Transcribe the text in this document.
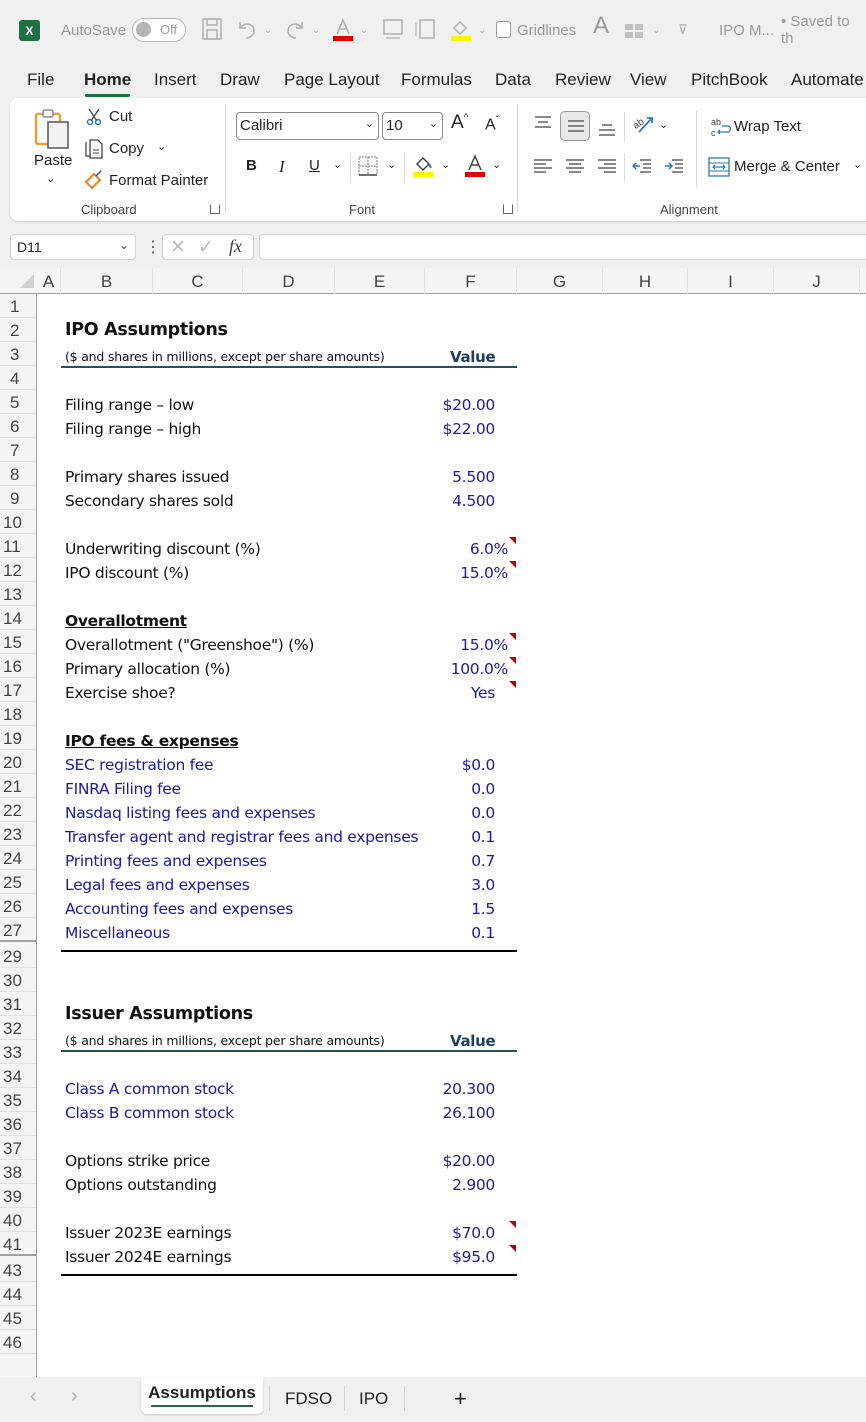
X	AutoSave	Off	⌄	⌄	⌄	⌄ Gridlines A	⌄ ⊽ IPO M... • Saved to th
File Home Insert Draw Page Layout Formulas Data Review View PitchBook Automate
Paste
⌄
Cut
Copy ⌄
Format Painter
Clipboard
Calibri	⌄ 10 ⌄ A^ $A^ˇ$
B I U ⌄	⌄	⌄	⌄
Font
ab ⌄	ab
c Wrap Text
Merge & Center ⌄
Alignment
D11	⌄ ⋮ ✕ ✓ fx
A	B	C	D	E	F	G	H	I	J
1
2
3
4
5
6
7
8
9
10
11
12
13
14
15
16
17
18
19
20
21
22
23
24
25
26
27
29
30
31
32
33
34
35
36
37
38
39
40
41
43
44
45
46
IPO Assumptions
($ and shares in millions, except per share amounts)	Value
Filing range – low	$20.00
Filing range – high	$22.00
Primary shares issued	5.500
Secondary shares sold	4.500
Underwriting discount (%)	6.0%
IPO discount (%)	15.0%
Overallotment
Overallotment ("Greenshoe") (%)	15.0%
Primary allocation (%)	100.0%
Exercise shoe?	Yes
IPO fees & expenses
SEC registration fee	$0.0
FINRA Filing fee	0.0
Nasdaq listing fees and expenses	0.0
Transfer agent and registrar fees and expenses	0.1
Printing fees and expenses	0.7
Legal fees and expenses	3.0
Accounting fees and expenses	1.5
Miscellaneous	0.1
Issuer Assumptions
($ and shares in millions, except per share amounts)	Value
Class A common stock	20.300
Class B common stock	26.100
Options strike price	$20.00
Options outstanding	2.900
Issuer 2023E earnings	$70.0
Issuer 2024E earnings	$95.0
‹ ›	Assumptions	FDSO IPO	+
